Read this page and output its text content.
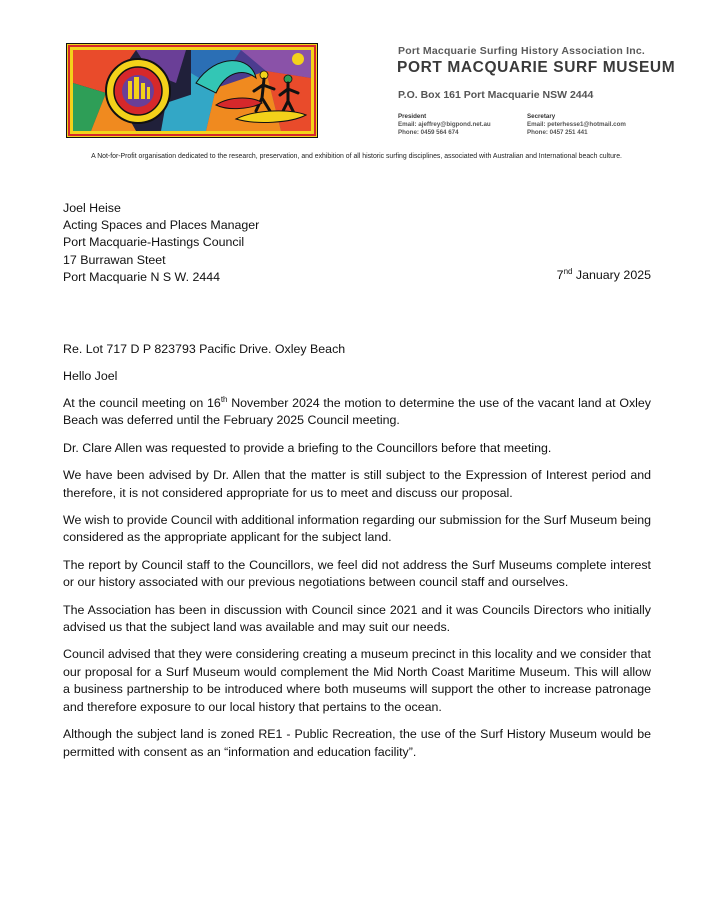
Port Macquarie Surfing History Association Inc.
PORT MACQUARIE SURF MUSEUM
P.O. Box 161 Port Macquarie NSW 2444
President
Email: ajeffrey@bigpond.net.au
Phone: 0459 564 674
Secretary
Email: peterhesse1@hotmail.com
Phone: 0457 251 441
A Not-for-Profit organisation dedicated to the research, preservation, and exhibition of all historic surfing disciplines, associated with Australian and International beach culture.

Joel Heise

Acting Spaces and Places Manager

Port Macquarie-Hastings Council

17 Burrawan Steet

Port Macquarie N S W. 2444	7nd January 2025

Re. Lot 717 D P 823793 Pacific Drive. Oxley Beach

Hello Joel

At the council meeting on 16th November 2024 the motion to determine the use of the vacant land at Oxley Beach was deferred until the February 2025 Council meeting.

Dr. Clare Allen was requested to provide a briefing to the Councillors before that meeting.

We have been advised by Dr. Allen that the matter is still subject to the Expression of Interest period and therefore, it is not considered appropriate for us to meet and discuss our proposal.

We wish to provide Council with additional information regarding our submission for the Surf Museum being considered as the appropriate applicant for the subject land.

The report by Council staff to the Councillors, we feel did not address the Surf Museums complete interest or our history associated with our previous negotiations between council staff and ourselves.

The Association has been in discussion with Council since 2021 and it was Councils Directors who initially advised us that the subject land was available and may suit our needs.

Council advised that they were considering creating a museum precinct in this locality and we consider that our proposal for a Surf Museum would complement the Mid North Coast Maritime Museum. This will allow a business partnership to be introduced where both museums will support the other to increase patronage and therefore exposure to our local history that pertains to the ocean.

Although the subject land is zoned RE1 - Public Recreation, the use of the Surf History Museum would be permitted with consent as an “information and education facility”.
